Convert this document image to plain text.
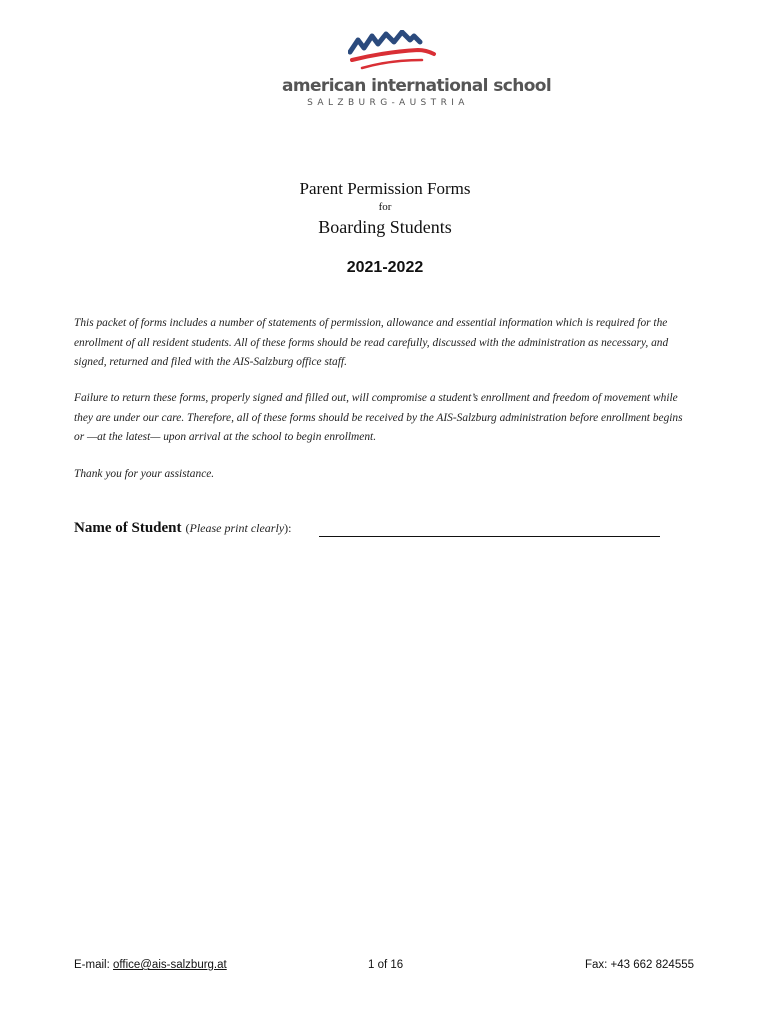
american international school
SALZBURG-AUSTRIA
Parent Permission Forms
for
Boarding Students
2021-2022

This packet of forms includes a number of statements of permission, allowance and essential information which is required for the enrollment of all resident students. All of these forms should be read carefully, discussed with the administration as necessary, and signed, returned and filed with the AIS-Salzburg office staff.

Failure to return these forms, properly signed and filled out, will compromise a student’s enrollment and freedom of movement while they are under our care. Therefore, all of these forms should be received by the AIS-Salzburg administration before enrollment begins or —at the latest— upon arrival at the school to begin enrollment.

Thank you for your assistance.

Name of Student (Please print clearly):
E-mail: office@ais-salzburg.at	1 of 16	Fax: +43 662 824555
